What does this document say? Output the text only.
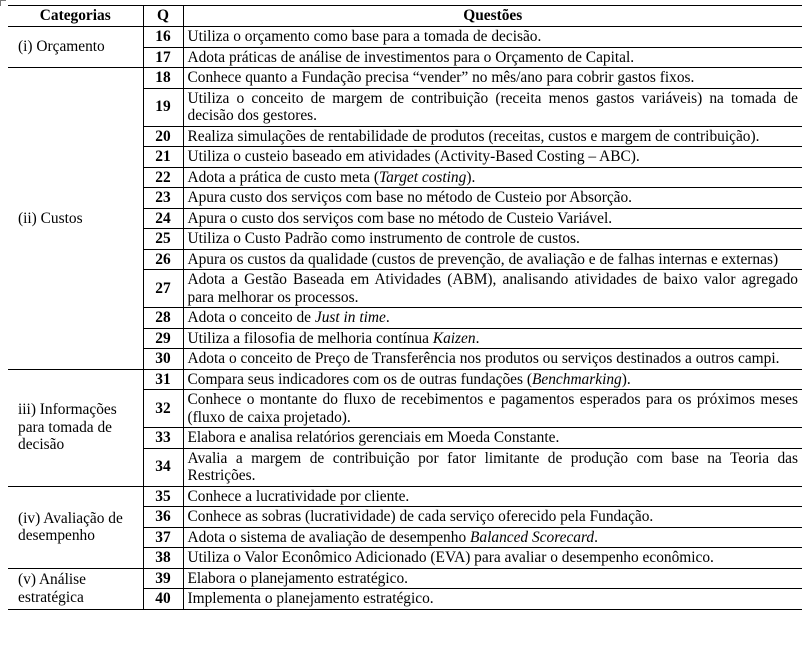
Categorias	Q	Questões
(i) Orçamento	16	Utiliza o orçamento como base para a tomada de decisão.
	17	Adota práticas de análise de investimentos para o Orçamento de Capital.
(ii) Custos	18	Conhece quanto a Fundação precisa “vender” no mês/ano para cobrir gastos fixos.
	19	Utiliza o conceito de margem de contribuição (receita menos gastos variáveis) na tomada de decisão dos gestores.
	20	Realiza simulações de rentabilidade de produtos (receitas, custos e margem de contribuição).
	21	Utiliza o custeio baseado em atividades (Activity-Based Costing – ABC).
	22	Adota a prática de custo meta (Target costing).
	23	Apura custo dos serviços com base no método de Custeio por Absorção.
	24	Apura o custo dos serviços com base no método de Custeio Variável.
	25	Utiliza o Custo Padrão como instrumento de controle de custos.
	26	Apura os custos da qualidade (custos de prevenção, de avaliação e de falhas internas e externas)
	27	Adota a Gestão Baseada em Atividades (ABM), analisando atividades de baixo valor agregado para melhorar os processos.
	28	Adota o conceito de Just in time.
	29	Utiliza a filosofia de melhoria contínua Kaizen.
	30	Adota o conceito de Preço de Transferência nos produtos ou serviços destinados a outros campi.
iii) Informações para tomada de decisão	31	Compara seus indicadores com os de outras fundações (Benchmarking).
	32	Conhece o montante do fluxo de recebimentos e pagamentos esperados para os próximos meses (fluxo de caixa projetado).
	33	Elabora e analisa relatórios gerenciais em Moeda Constante.
	34	Avalia a margem de contribuição por fator limitante de produção com base na Teoria das Restrições.
(iv) Avaliação de desempenho	35	Conhece a lucratividade por cliente.
	36	Conhece as sobras (lucratividade) de cada serviço oferecido pela Fundação.
	37	Adota o sistema de avaliação de desempenho Balanced Scorecard.
	38	Utiliza o Valor Econômico Adicionado (EVA) para avaliar o desempenho econômico.
(v) Análise estratégica	39	Elabora o planejamento estratégico.
	40	Implementa o planejamento estratégico.
